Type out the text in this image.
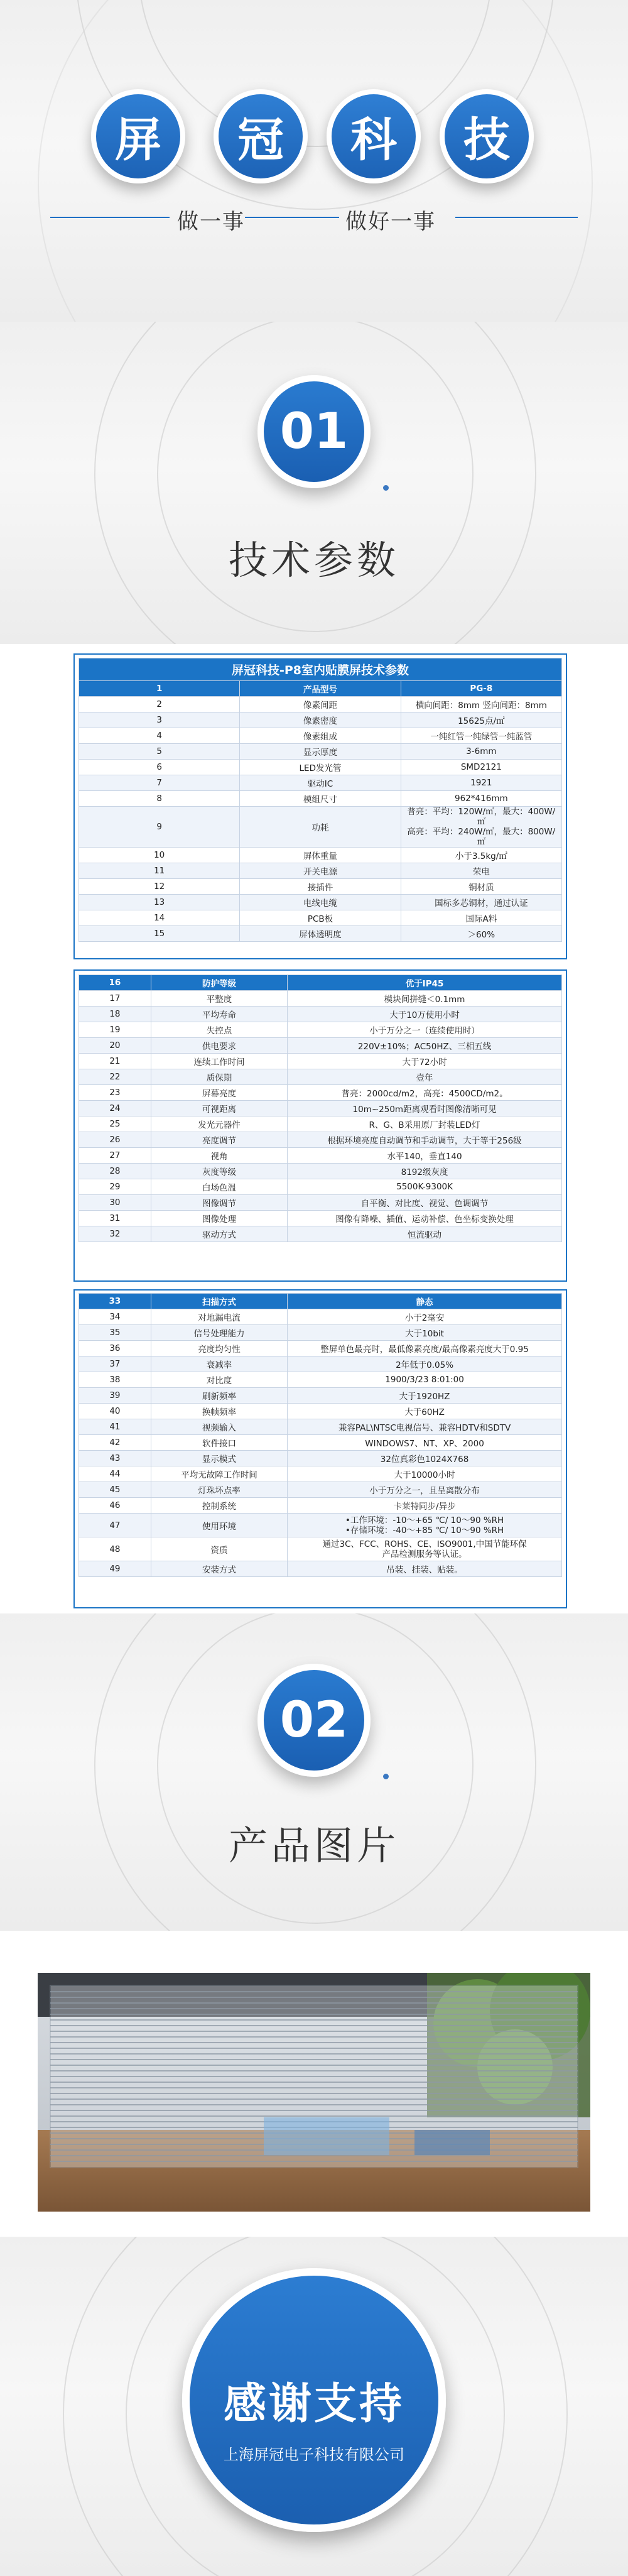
屏	冠	科	技
做一事	做好一事
01
技术参数
屏冠科技-P8室内贴膜屏技术参数		
1	产品型号	PG-8
2	像素间距	横向间距：8mm 竖向间距：8mm
3	像素密度	15625点/㎡
4	像素组成	一纯红管一纯绿管一纯蓝管
5	显示厚度	3-6mm
6	LED发光管	SMD2121
7	驱动IC	1921
8	模组尺寸	962*416mm
9	功耗	普亮：平均：120W/㎡，最大：400W/㎡
高亮：平均：240W/㎡，最大：800W/㎡
10	屏体重量	小于3.5kg/㎡
11	开关电源	荣电
12	接插件	铜材质
13	电线电缆	国标多芯铜材，通过认证
14	PCB板	国际A料
15	屏体透明度	＞60%
16	防护等级	优于IP45
17	平整度	模块间拼缝＜0.1mm
18	平均寿命	大于10万使用小时
19	失控点	小于万分之一（连续使用时）
20	供电要求	220V±10%；AC50HZ、三相五线
21	连续工作时间	大于72小时
22	质保期	壹年
23	屏幕亮度	普亮：2000cd/m2，高亮：4500CD/m2。
24	可视距离	10m~250m距离观看时图像清晰可见
25	发光元器件	R、G、B采用原厂封装LED灯
26	亮度调节	根据环境亮度自动调节和手动调节，大于等于256级
27	视角	水平140，垂直140
28	灰度等级	8192级灰度
29	白场色温	5500K-9300K
30	图像调节	自平衡、对比度、视觉、色调调节
31	图像处理	图像有降噪、插值、运动补偿、色坐标变换处理
32	驱动方式	恒流驱动
33	扫描方式	静态
34	对地漏电流	小于2毫安
35	信号处理能力	大于10bit
36	亮度均匀性	整屏单色最亮时，最低像素亮度/最高像素亮度大于0.95
37	衰减率	2年低于0.05%
38	对比度	1900/3/23 8:01:00
39	刷新频率	大于1920HZ
40	换帧频率	大于60HZ
41	视频输入	兼容PAL\NTSC电视信号、兼容HDTV和SDTV
42	软件接口	WINDOWS7、NT、XP、2000
43	显示模式	32位真彩色1024X768
44	平均无故障工作时间	大于10000小时
45	灯珠坏点率	小于万分之一，且呈离散分布
46	控制系统	卡莱特同步/异步
47	使用环境	•工作环境：-10～+65 ℃/ 10～90 %RH
•存储环境：-40～+85 ℃/ 10～90 %RH
48	资质	通过3C、FCC、ROHS、CE、ISO9001,中国节能环保
产品检测服务等认证。
49	安装方式	吊装、挂装、贴装。
02
产品图片
感谢支持
上海屏冠电子科技有限公司
